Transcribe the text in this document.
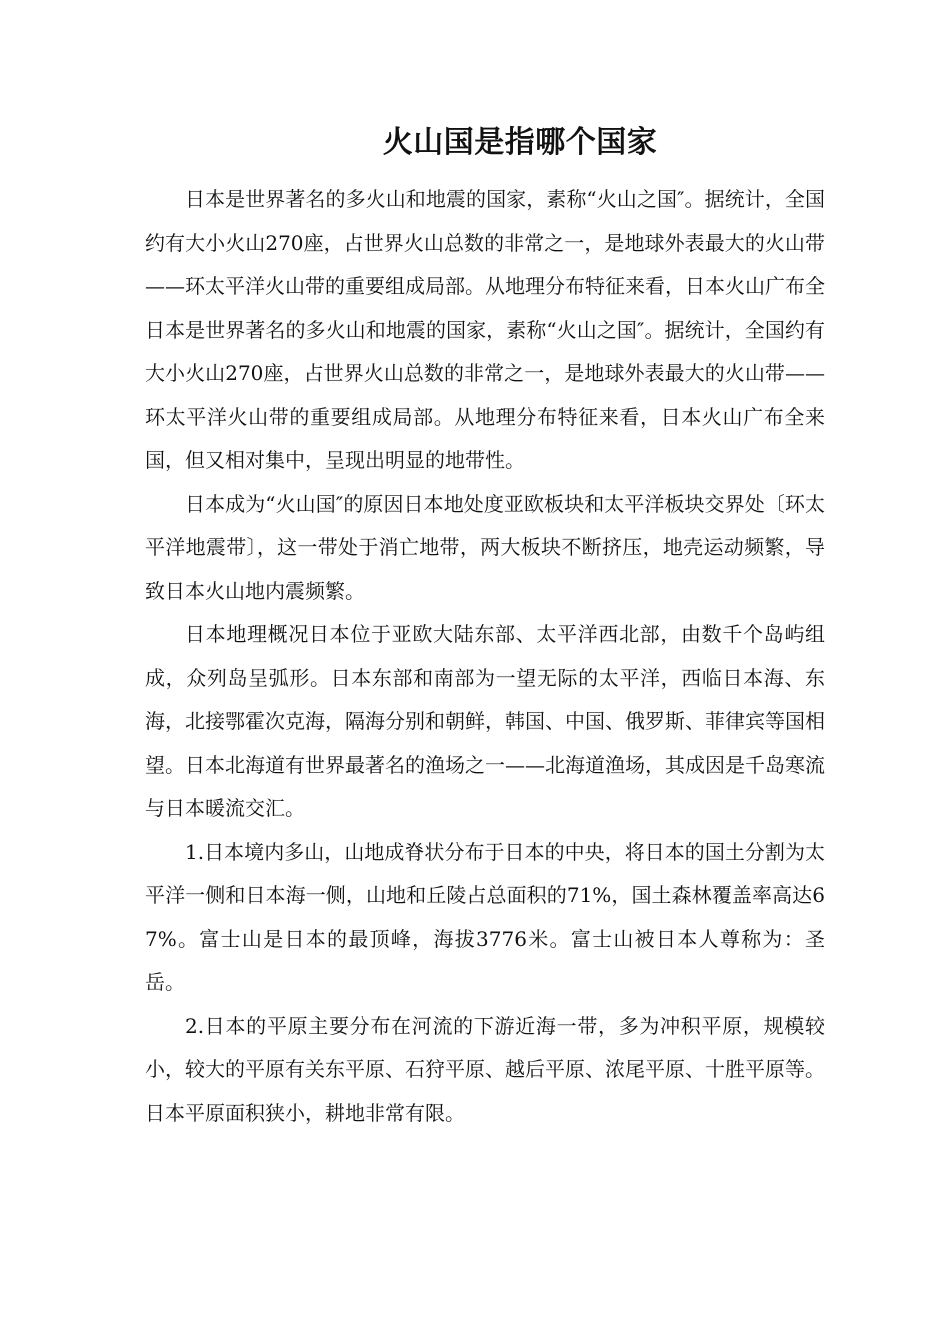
火山国是指哪个国家

日本是世界著名的多火山和地震的国家，素称“火山之国″。据统计，全国约有大小火山270座，占世界火山总数的非常之一，是地球外表最大的火山带——环太平洋火山带的重要组成局部。从地理分布特征来看，日本火山广布全日本是世界著名的多火山和地震的国家，素称“火山之国″。据统计，全国约有大小火山270座，占世界火山总数的非常之一，是地球外表最大的火山带——环太平洋火山带的重要组成局部。从地理分布特征来看，日本火山广布全来国，但又相对集中，呈现出明显的地带性。

日本成为“火山国″的原因日本地处度亚欧板块和太平洋板块交界处〔环太平洋地震带〕，这一带处于消亡地带，两大板块不断挤压，地壳运动频繁，导致日本火山地内震频繁。

日本地理概况日本位于亚欧大陆东部、太平洋西北部，由数千个岛屿组成，众列岛呈弧形。日本东部和南部为一望无际的太平洋，西临日本海、东海，北接鄂霍次克海，隔海分别和朝鲜，韩国、中国、俄罗斯、菲律宾等国相望。日本北海道有世界最著名的渔场之一——北海道渔场，其成因是千岛寒流与日本暖流交汇。

1.日本境内多山，山地成脊状分布于日本的中央，将日本的国土分割为太平洋一侧和日本海一侧，山地和丘陵占总面积的71%，国土森林覆盖率高达67%。富士山是日本的最顶峰，海拔3776米。富士山被日本人尊称为：圣岳。

2.日本的平原主要分布在河流的下游近海一带，多为冲积平原，规模较小，较大的平原有关东平原、石狩平原、越后平原、浓尾平原、十胜平原等。日本平原面积狭小，耕地非常有限。
